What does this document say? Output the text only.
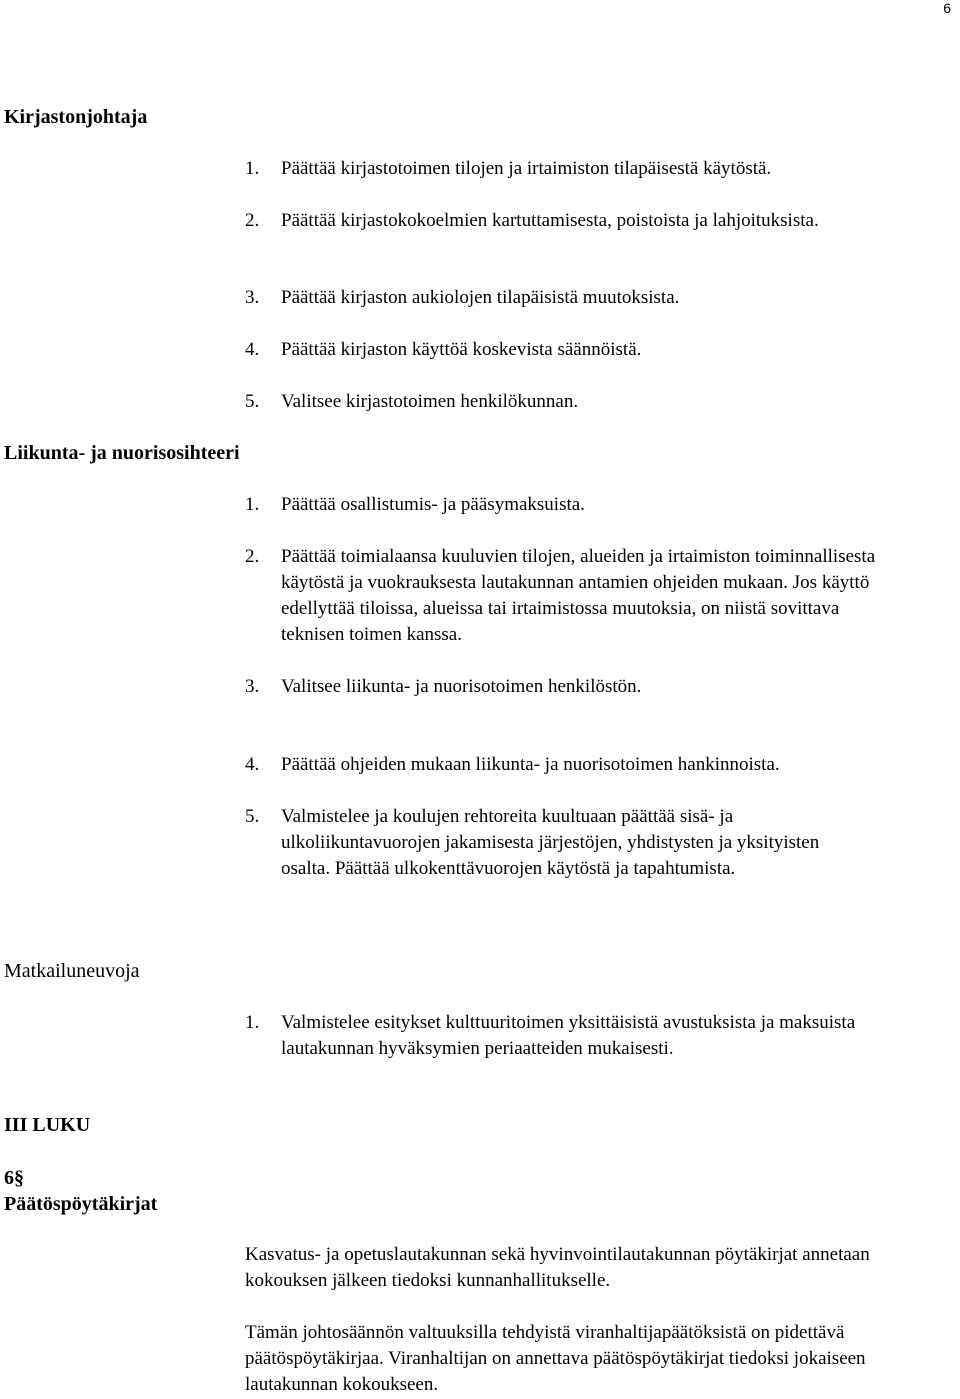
6
Kirjastonjohtaja
1. Päättää kirjastotoimen tilojen ja irtaimiston tilapäisestä käytöstä.
2. Päättää kirjastokokoelmien kartuttamisesta, poistoista ja lahjoituksista.
3. Päättää kirjaston aukiolojen tilapäisistä muutoksista.
4. Päättää kirjaston käyttöä koskevista säännöistä.
5. Valitsee kirjastotoimen henkilökunnan.
Liikunta- ja nuorisosihteeri
1. Päättää osallistumis- ja pääsymaksuista.
2. Päättää toimialaansa kuuluvien tilojen, alueiden ja irtaimiston toiminnallisesta käytöstä ja vuokrauksesta lautakunnan antamien ohjeiden mukaan. Jos käyttö edellyttää tiloissa, alueissa tai irtaimistossa muutoksia, on niistä sovittava teknisen toimen kanssa.
3. Valitsee liikunta- ja nuorisotoimen henkilöstön.
4. Päättää ohjeiden mukaan liikunta- ja nuorisotoimen hankinnoista.
5. Valmistelee ja koulujen rehtoreita kuultuaan päättää sisä- ja ulkoliikuntavuorojen jakamisesta järjestöjen, yhdistysten ja yksityisten osalta. Päättää ulkokenttävuorojen käytöstä ja tapahtumista.
Matkailuneuvoja
1. Valmistelee esitykset kulttuuritoimen yksittäisistä avustuksista ja maksuista lautakunnan hyväksymien periaatteiden mukaisesti.
III LUKU
6§
Päätöspöytäkirjat
Kasvatus- ja opetuslautakunnan sekä hyvinvointilautakunnan pöytäkirjat annetaan kokouksen jälkeen tiedoksi kunnanhallitukselle.
Tämän johtosäännön valtuuksilla tehdyistä viranhaltijapäätöksistä on pidettävä päätöspöytäkirjaa. Viranhaltijan on annettava päätöspöytäkirjat tiedoksi jokaiseen lautakunnan kokoukseen.
